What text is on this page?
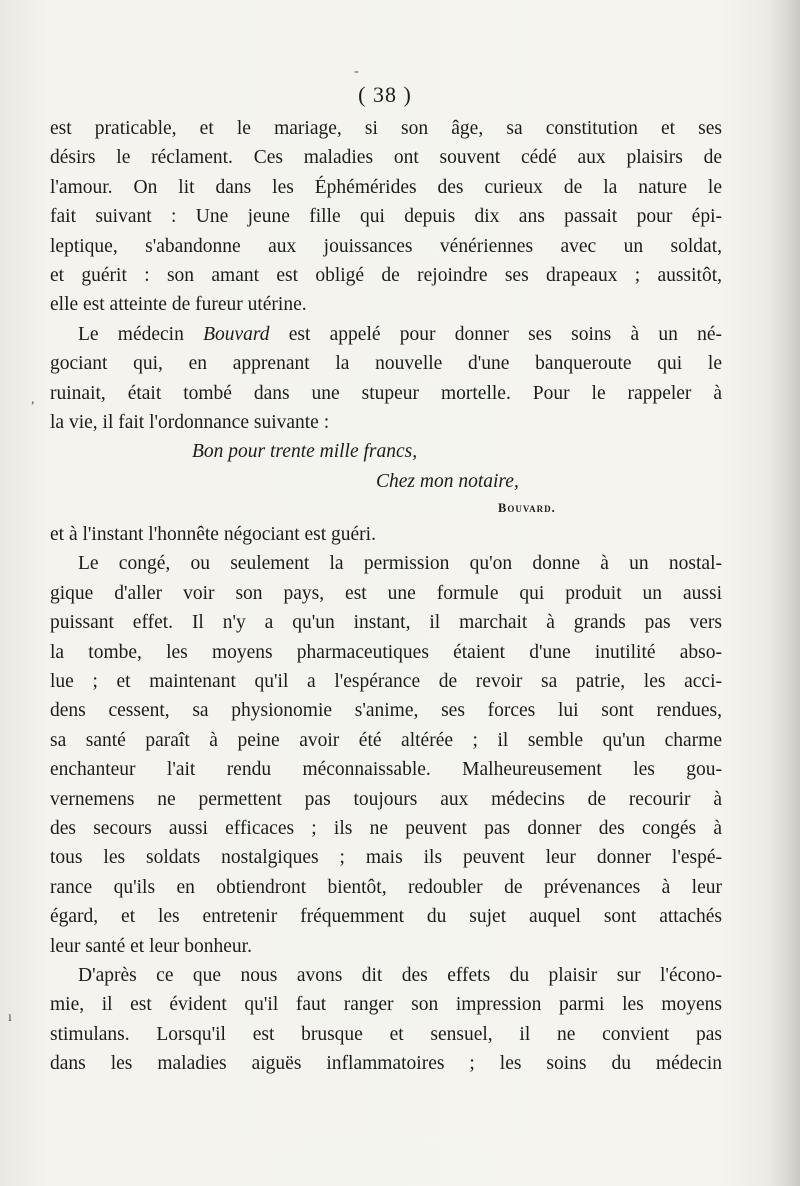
-
,
ı
( 38 )
est praticable, et le mariage, si son âge, sa constitution et ses
désirs le réclament. Ces maladies ont souvent cédé aux plaisirs de
l'amour. On lit dans les Éphémérides des curieux de la nature le
fait suivant : Une jeune fille qui depuis dix ans passait pour épi-
leptique, s'abandonne aux jouissances vénériennes avec un soldat,
et guérit : son amant est obligé de rejoindre ses drapeaux ; aussitôt,
elle est atteinte de fureur utérine.
Le médecin Bouvard est appelé pour donner ses soins à un né-
gociant qui, en apprenant la nouvelle d'une banqueroute qui le
ruinait, était tombé dans une stupeur mortelle. Pour le rappeler à
la vie, il fait l'ordonnance suivante :
Bon pour trente mille francs,
Chez mon notaire,
Bouvard.
et à l'instant l'honnête négociant est guéri.
Le congé, ou seulement la permission qu'on donne à un nostal-
gique d'aller voir son pays, est une formule qui produit un aussi
puissant effet. Il n'y a qu'un instant, il marchait à grands pas vers
la tombe, les moyens pharmaceutiques étaient d'une inutilité abso-
lue ; et maintenant qu'il a l'espérance de revoir sa patrie, les acci-
dens cessent, sa physionomie s'anime, ses forces lui sont rendues,
sa santé paraît à peine avoir été altérée ; il semble qu'un charme
enchanteur l'ait rendu méconnaissable. Malheureusement les gou-
vernemens ne permettent pas toujours aux médecins de recourir à
des secours aussi efficaces ; ils ne peuvent pas donner des congés à
tous les soldats nostalgiques ; mais ils peuvent leur donner l'espé-
rance qu'ils en obtiendront bientôt, redoubler de prévenances à leur
égard, et les entretenir fréquemment du sujet auquel sont attachés
leur santé et leur bonheur.
D'après ce que nous avons dit des effets du plaisir sur l'écono-
mie, il est évident qu'il faut ranger son impression parmi les moyens
stimulans. Lorsqu'il est brusque et sensuel, il ne convient pas
dans les maladies aiguës inflammatoires ; les soins du médecin
